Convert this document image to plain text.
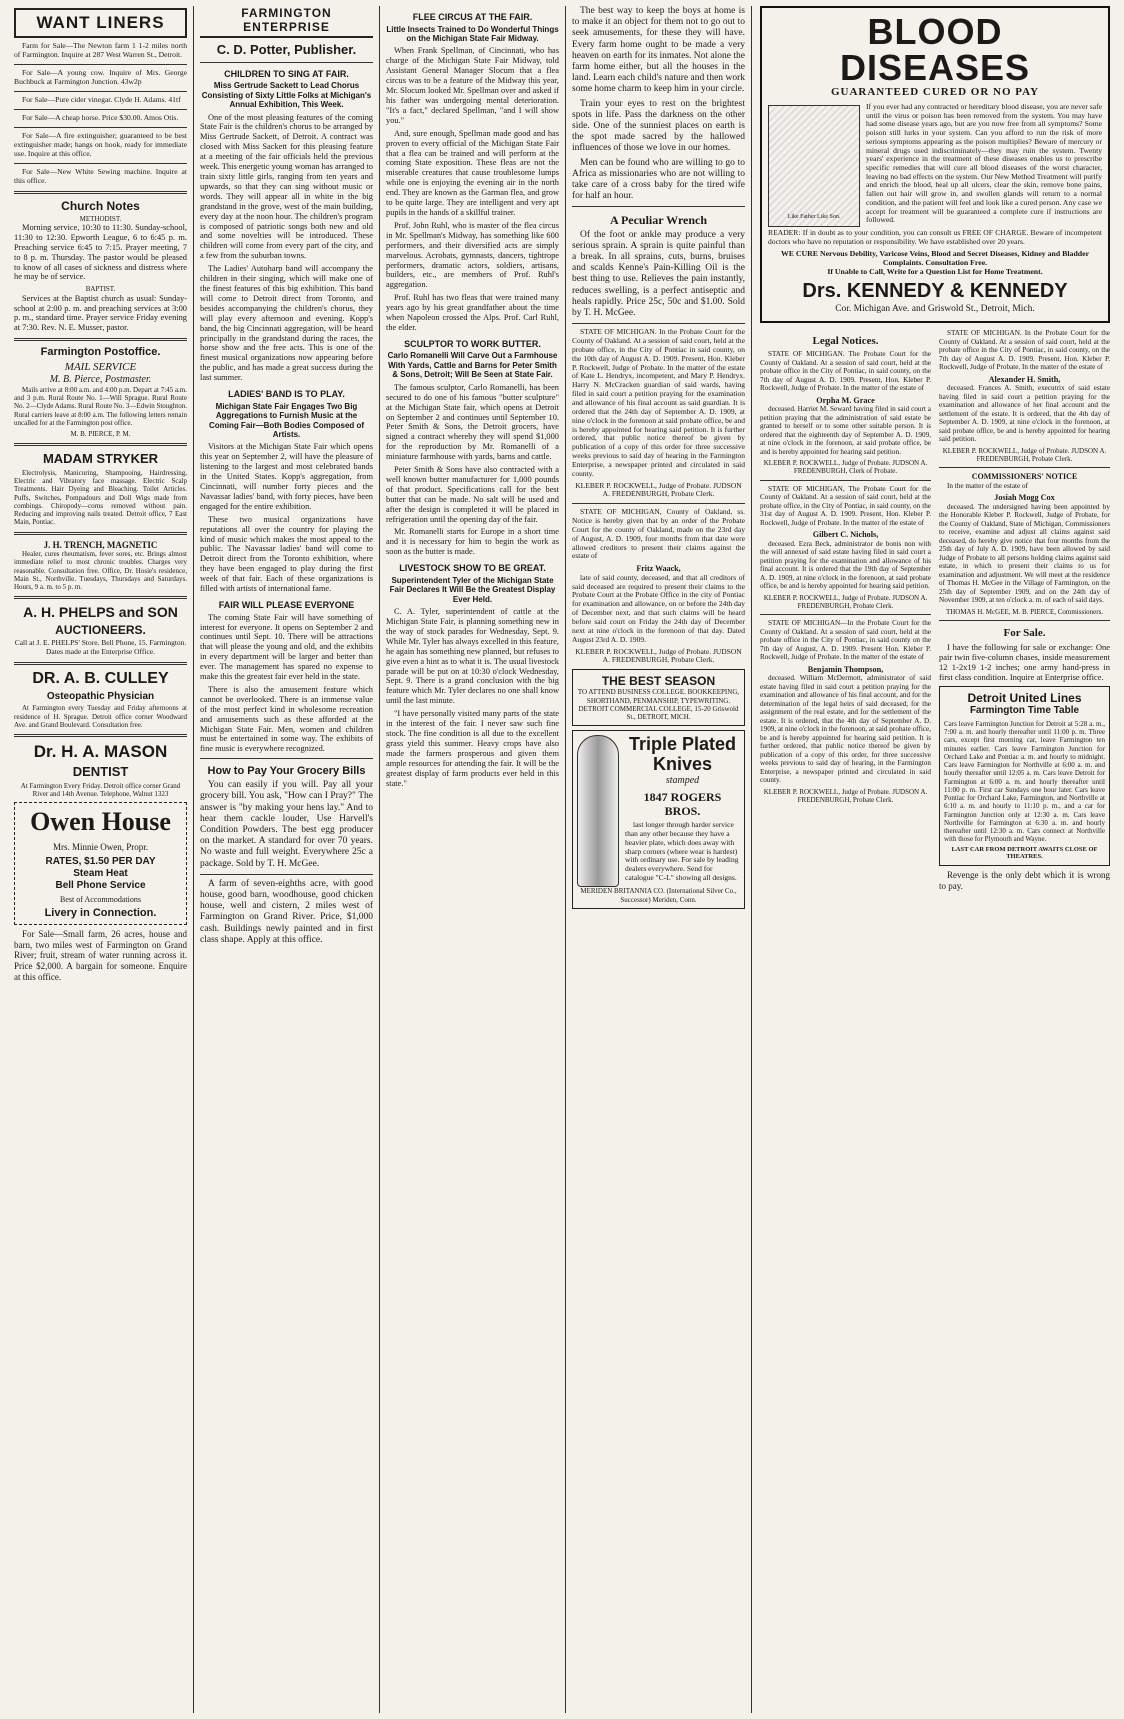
WANT LINERS

Farm for Sale—The Newton farm 1 1-2 miles north of Farmington. Inquire at 287 West Warren St., Detroit.

For Sale—A young cow. Inquire of Mrs. George Buchbuck at Farmington Junction. 43w2p

For Sale—Pure cider vinegar. Clyde H. Adams. 41tf

For Sale—A cheap horse. Price $30.00. Amos Otis.

For Sale—A fire extinguisher; guaranteed to be best extinguisher made; hangs on hook, ready for immediate use. Inquire at this office.

For Sale—New White Sewing machine. Inquire at this office.

Church Notes
METHODIST.

Morning service, 10:30 to 11:30. Sunday-school, 11:30 to 12:30. Epworth League, 6 to 6:45 p. m. Preaching service 6:45 to 7:15. Prayer meeting, 7 to 8 p. m. Thursday. The pastor would be pleased to know of all cases of sickness and distress where he may be of service.

BAPTIST.

Services at the Baptist church as usual: Sunday-school at 2:00 p. m. and preaching services at 3:00 p. m., standard time. Prayer service Friday evening at 7:30. Rev. N. E. Musser, pastor.

Farmington Postoffice.
MAIL SERVICE
M. B. Pierce, Postmaster.

Mails arrive at 8:00 a.m. and 4:00 p.m. Depart at 7:45 a.m. and 3 p.m. Rural Route No. 1—Will Sprague. Rural Route No. 2—Clyde Adams. Rural Route No. 3—Edwin Stoughton. Rural carriers leave at 8:00 a.m. The following letters remain uncalled for at the Farmington post office.

M. B. PIERCE, P. M.
MADAM STRYKER

Electrolysis, Manicuring, Shampooing, Hairdressing, Electric and Vibratory face massage. Electric Scalp Treatments. Hair Dyeing and Bleaching. Toilet Articles. Puffs, Switches, Pompadours and Doll Wigs made from combings. Chiropody—corns removed without pain. Reducing and improving nails treated. Detroit office, 7 East Main, Pontiac.

J. H. TRENCH, MAGNETIC

Healer, cures rheumatism, fever sores, etc. Brings almost immediate relief to most chronic troubles. Charges very reasonable. Consultation free. Office, Dr. Hosie's residence, Main St., Northville. Tuesdays, Thursdays and Saturdays. Hours, 9 a. m. to 5 p. m.

A. H. PHELPS and SON
AUCTIONEERS.
Call at J. E. PHELPS' Store. Bell Phone, 15. Farmington. Dates made at the Enterprise Office.
DR. A. B. CULLEY
Osteopathic Physician

At Farmington every Tuesday and Friday afternoons at residence of H. Sprague. Detroit office corner Woodward Ave. and Grand Boulevard. Consultation free.

Dr. H. A. MASON
DENTIST
At Farmington Every Friday. Detroit office corner Grand River and 14th Avenue. Telephone, Walnut 1323
Owen House
Mrs. Minnie Owen, Propr.
RATES, $1.50 PER DAY
Steam Heat
Bell Phone Service
Best of Accommodations
Livery in Connection.

For Sale—Small farm, 26 acres, house and barn, two miles west of Farmington on Grand River; fruit, stream of water running across it. Price $2,000. A bargain for someone. Enquire at this office.

FARMINGTON ENTERPRISE
C. D. Potter, Publisher.
CHILDREN TO SING AT FAIR.
Miss Gertrude Sackett to Lead Chorus Consisting of Sixty Little Folks at Michigan's Annual Exhibition, This Week.

One of the most pleasing features of the coming State Fair is the children's chorus to be arranged by Miss Gertrude Sackett, of Detroit. A contract was closed with Miss Sackett for this pleasing feature at a meeting of the fair officials held the previous week. This energetic young woman has arranged to train sixty little girls, ranging from ten years and upwards, so that they can sing without music or words. They will appear all in white in the big grandstand in the grove, west of the main building, every day at the noon hour. The children's program is composed of patriotic songs both new and old and some novelties will be introduced. These children will come from every part of the city, and a few from the suburban towns.

The Ladies' Autoharp band will accompany the children in their singing, which will make one of the finest features of this big exhibition. This band will come to Detroit direct from Toronto, and besides accompanying the children's chorus, they will play every afternoon and evening. Kopp's band, the big Cincinnati aggregation, will be heard principally in the grandstand during the races, the horse show and the free acts. This is one of the finest musical organizations now appearing before the public, and has made a great success during the last summer.

LADIES' BAND IS TO PLAY.
Michigan State Fair Engages Two Big Aggregations to Furnish Music at the Coming Fair—Both Bodies Composed of Artists.

Visitors at the Michigan State Fair which opens this year on September 2, will have the pleasure of listening to the largest and most celebrated bands in the United States. Kopp's aggregation, from Cincinnati, will number forty pieces and the Navassar ladies' band, with forty pieces, have been engaged for the entire exhibition.

These two musical organizations have reputations all over the country for playing the kind of music which makes the most appeal to the public. The Navassar ladies' band will come to Detroit direct from the Toronto exhibition, where they have been engaged to play during the first week of that fair. Each of these organizations is filled with artists of international fame.

FAIR WILL PLEASE EVERYONE

The coming State Fair will have something of interest for everyone. It opens on September 2 and continues until Sept. 10. There will be attractions that will please the young and old, and the exhibits in every department will be larger and better than ever. The management has spared no expense to make this the greatest fair ever held in the state.

There is also the amusement feature which cannot be overlooked. There is an immense value of the most perfect kind in wholesome recreation and amusements such as these afforded at the Michigan State Fair. Men, women and children must be entertained in some way. The exhibits of fine music is everywhere recognized.

How to Pay Your Grocery Bills

You can easily if you will. Pay all your grocery bill. You ask, "How can I Pray?" The answer is "by making your hens lay." And to hear them cackle louder, Use Harvell's Condition Powders. The best egg producer on the market. A standard for over 70 years. No waste and full weight. Everywhere 25c a package. Sold by T. H. McGee.

A farm of seven-eighths acre, with good house, good barn, woodhouse, good chicken house, well and cistern, 2 miles west of Farmington on Grand River. Price, $1,000 cash. Buildings newly painted and in first class shape. Apply at this office.

FLEE CIRCUS AT THE FAIR.
Little Insects Trained to Do Wonderful Things on the Michigan State Fair Midway.

When Frank Spellman, of Cincinnati, who has charge of the Michigan State Fair Midway, told Assistant General Manager Slocum that a flea circus was to be a feature of the Midway this year, Mr. Slocum looked Mr. Spellman over and asked if his father was undergoing mental deterioration. "It's a fact," declared Spellman, "and I will show you."

And, sure enough, Spellman made good and has proven to every official of the Michigan State Fair that a flea can be trained and will perform at the coming State exposition. These fleas are not the miserable creatures that cause troublesome lumps while one is enjoying the evening air in the north end. They are known as the Garman flea, and grow to be quite large. They are intelligent and very apt pupils in the hands of a skillful trainer.

Prof. John Ruhl, who is master of the flea circus in Mr. Spellman's Midway, has something like 600 performers, and their diversified acts are simply marvelous. Acrobats, gymnasts, dancers, tightrope performers, dramatic actors, soldiers, artisans, builders, etc., are members of Prof. Ruhl's aggregation.

Prof. Ruhl has two fleas that were trained many years ago by his great grandfather about the time when Napoleon crossed the Alps. Prof. Carl Ruhl, the elder.

SCULPTOR TO WORK BUTTER.
Carlo Romanelli Will Carve Out a Farmhouse With Yards, Cattle and Barns for Peter Smith & Sons, Detroit; Will Be Seen at State Fair.

The famous sculptor, Carlo Romanelli, has been secured to do one of his famous "butter sculpture" at the Michigan State fair, which opens at Detroit on September 2 and continues until September 10. Peter Smith & Sons, the Detroit grocers, have signed a contract whereby they will spend $1,000 for the reproduction by Mr. Romanelli of a miniature farmhouse with yards, barns and cattle.

Peter Smith & Sons have also contracted with a well known butter manufacturer for 1,000 pounds of that product. Specifications call for the best butter that can be made. No salt will be used and after the design is completed it will be placed in refrigeration until the opening day of the fair.

Mr. Romanelli starts for Europe in a short time and it is necessary for him to begin the work as soon as the butter is made.

LIVESTOCK SHOW TO BE GREAT.
Superintendent Tyler of the Michigan State Fair Declares It Will Be the Greatest Display Ever Held.

C. A. Tyler, superintendent of cattle at the Michigan State Fair, is planning something new in the way of stock parades for Wednesday, Sept. 9. While Mr. Tyler has always excelled in this feature, he again has something new planned, but refuses to give even a hint as to what it is. The usual livestock parade will be put on at 10:30 o'clock Wednesday, Sept. 9. There is a grand conclusion with the big feature which Mr. Tyler declares no one shall know until the last minute.

"I have personally visited many parts of the state in the interest of the fair. I never saw such fine stock. The fine condition is all due to the excellent grass yield this summer. Heavy crops have also made the farmers prosperous and given them ample resources for attending the fair. It will be the greatest display of farm products ever held in this state."

The best way to keep the boys at home is to make it an object for them not to go out to seek amusements, for these they will have. Every farm home ought to be made a very heaven on earth for its inmates. Not alone the farm home either, but all the houses in the land. Learn each child's nature and then work some home charm to keep him in your circle.

Train your eyes to rest on the brightest spots in life. Pass the darkness on the other side. One of the sunniest places on earth is the spot made sacred by the hallowed influences of those we love in our homes.

Men can be found who are willing to go to Africa as missionaries who are not willing to take care of a cross baby for the tired wife for half an hour.

A Peculiar Wrench

Of the foot or ankle may produce a very serious sprain. A sprain is quite painful than a break. In all sprains, cuts, burns, bruises and scalds Kenne's Pain-Killing Oil is the best thing to use. Relieves the pain instantly, reduces swelling, is a perfect antiseptic and heals rapidly. Price 25c, 50c and $1.00. Sold by T. H. McGee.

STATE OF MICHIGAN. In the Probate Court for the County of Oakland. At a session of said court, held at the probate office, in the City of Pontiac in said county, on the 10th day of August A. D. 1909. Present, Hon. Kleber P. Rockwell, Judge of Probate. In the matter of the estate of Kate L. Hendryx, incompetent, and Mary P. Hendryx. Harry N. McCracken guardian of said wards, having filed in said court a petition praying for the examination and allowance of his final account as said guardian. It is ordered that the 24th day of September A. D. 1909, at nine o'clock in the forenoon at said probate office, be and is hereby appointed for hearing said petition. It is further ordered, that public notice thereof be given by publication of a copy of this order for three successive weeks previous to said day of hearing in the Farmington Enterprise, a newspaper printed and circulated in said county.

KLEBER P. ROCKWELL, Judge of Probate. JUDSON A. FREDENBURGH, Probate Clerk.

STATE OF MICHIGAN, County of Oakland, ss. Notice is hereby given that by an order of the Probate Court for the county of Oakland, made on the 23rd day of August, A. D. 1909, four months from that date were allowed creditors to present their claims against the estate of

Fritz Waack,

late of said county, deceased, and that all creditors of said deceased are required to present their claims to the Probate Court at the Probate Office in the city of Pontiac for examination and allowance, on or before the 24th day of December next, and that such claims will be heard before said court on Friday the 24th day of December next at nine o'clock in the forenoon of that day. Dated August 23rd A. D. 1909.

KLEBER P. ROCKWELL, Judge of Probate. JUDSON A. FREDENBURGH, Probate Clerk.
THE BEST SEASON
TO ATTEND BUSINESS COLLEGE. BOOKKEEPING, SHORTHAND, PENMANSHIP, TYPEWRITING. DETROIT COMMERCIAL COLLEGE, 15-20 Griswold St., DETROIT, MICH.
Triple Plated Knives
stamped
1847 ROGERS BROS.

last longer through harder service than any other because they have a heavier plate, which does away with sharp corners (where wear is hardest) with ordinary use. For sale by leading dealers everywhere. Send for catalogue "C-L" showing all designs.

MERIDEN BRITANNIA CO. (International Silver Co., Successor) Meriden, Conn.
BLOOD DISEASES
GUARANTEED CURED OR NO PAY
Like Father Like Son.
If you ever had any contracted or hereditary blood disease, you are never safe until the virus or poison has been removed from the system. You may have had some disease years ago, but are you now free from all symptoms? Some poison still lurks in your system. Can you afford to run the risk of more serious symptoms appearing as the poison multiplies? Beware of mercury or mineral drugs used indiscriminately—they may ruin the system. Twenty years' experience in the treatment of these diseases enables us to prescribe specific remedies that will cure all blood diseases of the worst character, leaving no bad effects on the system. Our New Method Treatment will purify and enrich the blood, heal up all ulcers, clear the skin, remove bone pains, fallen out hair will grow in, and swollen glands will return to a normal condition, and the patient will feel and look like a cured person. Any case we accept for treatment will be guaranteed a complete cure if instructions are followed.
READER: If in doubt as to your condition, you can consult us FREE OF CHARGE. Beware of incompetent doctors who have no reputation or responsibility. We have established over 20 years.
WE CURE Nervous Debility, Varicose Veins, Blood and Secret Diseases, Kidney and Bladder Complaints. Consultation Free.
If Unable to Call, Write for a Question List for Home Treatment.
Drs. KENNEDY & KENNEDY
Cor. Michigan Ave. and Griswold St., Detroit, Mich.
Legal Notices.

STATE OF MICHIGAN. The Probate Court for the County of Oakland. At a session of said court, held at the probate office in the City of Pontiac, in said county, on the 7th day of August A. D. 1909. Present, Hon. Kleber P. Rockwell, Judge of Probate. In the matter of the estate of

Orpha M. Grace

deceased. Harriet M. Seward having filed in said court a petition praying that the administration of said estate be granted to herself or to some other suitable person. It is ordered that the eighteenth day of September A. D. 1909, at nine o'clock in the forenoon, at said probate office, be and is hereby appointed for hearing said petition.

KLEBER P. ROCKWELL, Judge of Probate. JUDSON A. FREDENBURGH, Clerk of Probate.

STATE OF MICHIGAN, The Probate Court for the County of Oakland. At a session of said court, held at the probate office, in the City of Pontiac, in said county, on the 31st day of August A. D. 1909. Present, Hon. Kleber P. Rockwell, Judge of Probate. In the matter of the estate of

Gilbert C. Nichols,

deceased. Ezra Beck, administrator de bonis non with the will annexed of said estate having filed in said court a petition praying for the examination and allowance of his final account. It is ordered that the 19th day of September A. D. 1909, at nine o'clock in the forenoon, at said probate office, be and is hereby appointed for hearing said petition.

KLEBER P. ROCKWELL, Judge of Probate. JUDSON A. FREDENBURGH, Probate Clerk.

STATE OF MICHIGAN—In the Probate Court for the County of Oakland. At a session of said court, held at the probate office in the City of Pontiac, in said county on the 7th day of August, A. D. 1909. Present Hon. Kleber P. Rockwell, Judge of Probate. In the matter of the estate of

Benjamin Thompson,

deceased. William McDermott, administrator of said estate having filed in said court a petition praying for the examination and allowance of his final account, and for the determination of the legal heirs of said deceased, for the assignment of the real estate, and for the settlement of the estate. It is ordered, that the 4th day of September A. D. 1909, at nine o'clock in the forenoon, at said probate office, be and is hereby appointed for hearing said petition. It is further ordered, that public notice thereof be given by publication of a copy of this order, for three successive weeks previous to said day of hearing, in the Farmington Enterprise, a newspaper printed and circulated in said county.

KLEBER P. ROCKWELL, Judge of Probate. JUDSON A. FREDENBURGH, Probate Clerk.

STATE OF MICHIGAN. In the Probate Court for the County of Oakland. At a session of said court, held at the probate office in the City of Pontiac, in said county, on the 7th day of August A. D. 1909. Present, Hon. Kleber P. Rockwell, Judge of Probate. In the matter of the estate of

Alexander H. Smith,

deceased. Frances A. Smith, executrix of said estate having filed in said court a petition praying for the examination and allowance of her final account and the settlement of the estate. It is ordered, that the 4th day of September A. D. 1909, at nine o'clock in the forenoon, at said probate office, be and is hereby appointed for hearing said petition.

KLEBER P. ROCKWELL, Judge of Probate. JUDSON A. FREDENBURGH, Probate Clerk.
COMMISSIONERS' NOTICE

In the matter of the estate of

Josiah Mogg Cox

deceased. The undersigned having been appointed by the Honorable Kleber P. Rockwell, Judge of Probate, for the County of Oakland, State of Michigan, Commissioners to receive, examine and adjust all claims against said deceased, do hereby give notice that four months from the 25th day of July A. D. 1909, have been allowed by said Judge of Probate to all persons holding claims against said estate, in which to present their claims to us for examination and adjustment. We will meet at the residence of Thomas H. McGee in the Village of Farmington, on the 25th day of September 1909, and on the 24th day of November 1909, at ten o'clock a. m. of each of said days.

THOMAS H. McGEE, M. B. PIERCE, Commissioners.
For Sale.

I have the following for sale or exchange: One pair twin five-column chases, inside measurement 12 1-2x19 1-2 inches; one army hand-press in first class condition. Inquire at Enterprise office.

Detroit United Lines
Farmington Time Table
Cars leave Farmington Junction for Detroit at 5:28 a. m., 7:00 a. m. and hourly thereafter until 11:00 p. m. Three cars, except first morning car, leave Farmington ten minutes earlier. Cars leave Farmington Junction for Orchard Lake and Pontiac a. m. and hourly to midnight. Cars leave Farmington for Northville at 6:00 a. m. and hourly thereafter until 12:05 a. m. Cars leave Detroit for Farmington at 6:00 a. m. and hourly thereafter until 11:00 p. m. First car Sundays one hour later. Cars leave Pontiac for Orchard Lake, Farmington, and Northville at 6:10 a. m. and hourly to 11:10 p. m., and a car for Farmington Junction only at 12:30 a. m. Cars leave Northville for Farmington at 6:30 a. m. and hourly thereafter until 12:30 a. m. Cars connect at Northville with those for Plymouth and Wayne.
LAST CAR FROM DETROIT AWAITS CLOSE OF THEATRES.

Revenge is the only debt which it is wrong to pay.
